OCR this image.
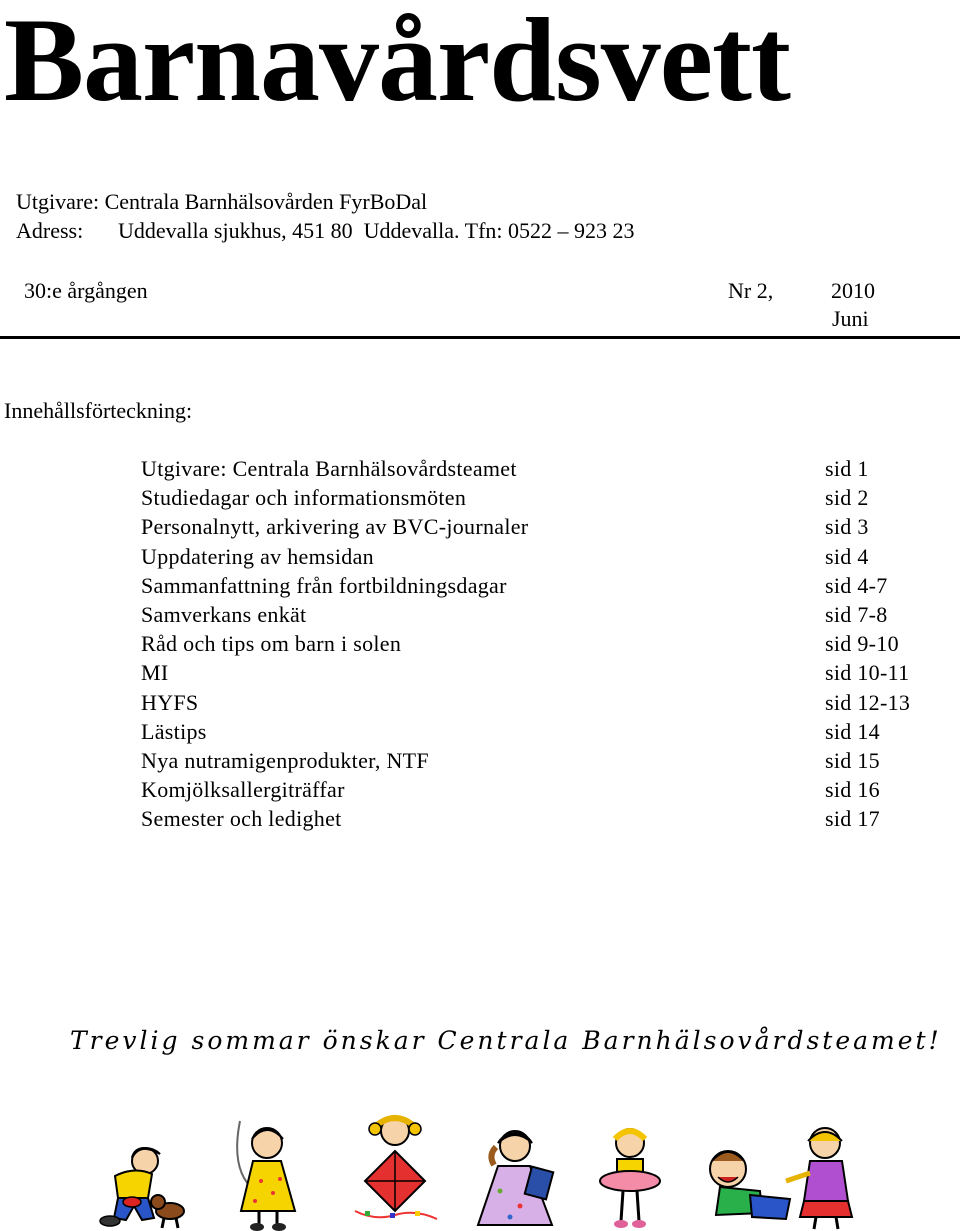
Barnavårdsvett
Utgivare: Centrala Barnhälsovården FyrBoDal
Adress: Uddevalla sjukhus, 451 80  Uddevalla. Tfn: 0522 – 923 23
30:e årgången	Nr 2,	2010
Juni
Innehållsförteckning:
Utgivare: Centrala Barnhälsovårdsteamet	sid 1
Studiedagar och informationsmöten	sid 2
Personalnytt, arkivering av BVC-journaler	sid 3
Uppdatering av hemsidan	sid 4
Sammanfattning från fortbildningsdagar	sid 4-7
Samverkans enkät	sid 7-8
Råd och tips om barn i solen	sid 9-10
MI	sid 10-11
HYFS	sid 12-13
Lästips	sid 14
Nya nutramigenprodukter, NTF	sid 15
Komjölksallergiträffar	sid 16
Semester och ledighet	sid 17
Trevlig sommar önskar Centrala Barnhälsovårdsteamet!
